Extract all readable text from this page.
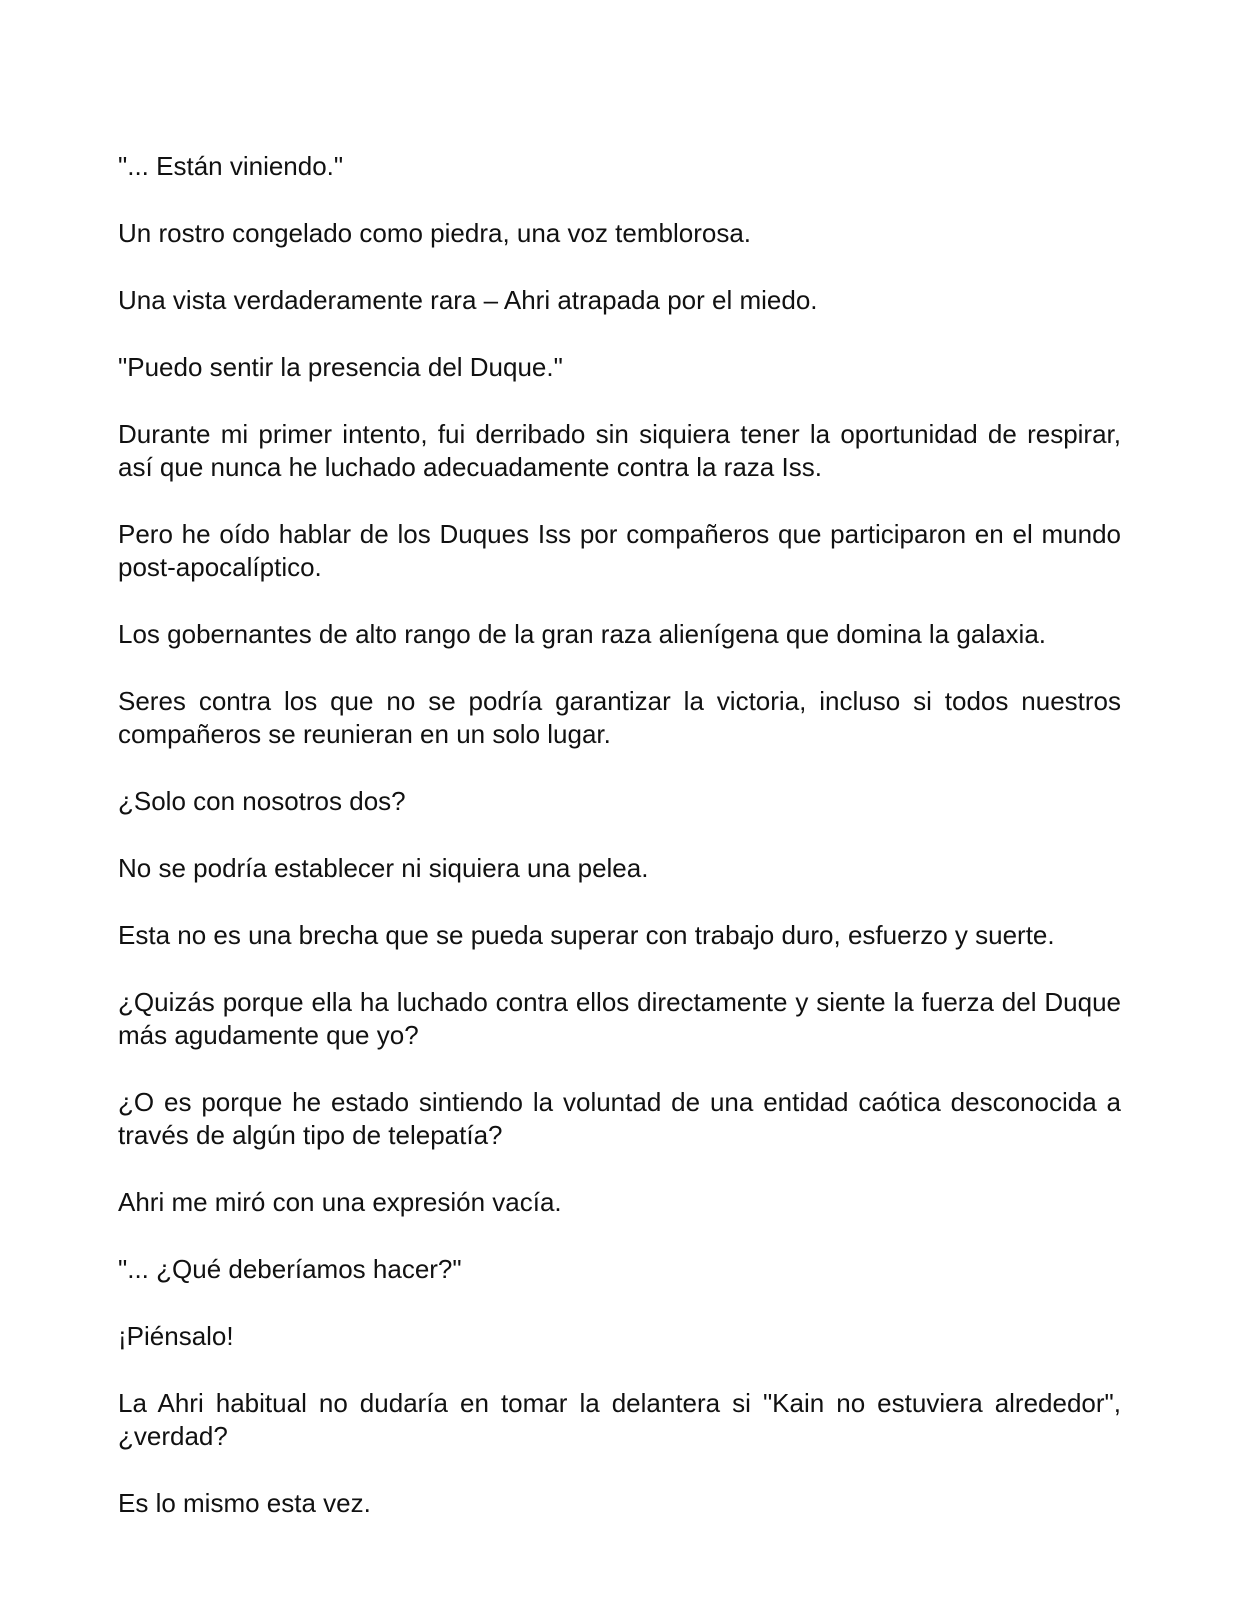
"... Están viniendo."

Un rostro congelado como piedra, una voz temblorosa.

Una vista verdaderamente rara – Ahri atrapada por el miedo.

"Puedo sentir la presencia del Duque."

Durante mi primer intento, fui derribado sin siquiera tener la oportunidad de respirar, así que nunca he luchado adecuadamente contra la raza Iss.

Pero he oído hablar de los Duques Iss por compañeros que participaron en el mundo post-apocalíptico.

Los gobernantes de alto rango de la gran raza alienígena que domina la galaxia.

Seres contra los que no se podría garantizar la victoria, incluso si todos nuestros compañeros se reunieran en un solo lugar.

¿Solo con nosotros dos?

No se podría establecer ni siquiera una pelea.

Esta no es una brecha que se pueda superar con trabajo duro, esfuerzo y suerte.

¿Quizás porque ella ha luchado contra ellos directamente y siente la fuerza del Duque más agudamente que yo?

¿O es porque he estado sintiendo la voluntad de una entidad caótica desconocida a través de algún tipo de telepatía?

Ahri me miró con una expresión vacía.

"... ¿Qué deberíamos hacer?"

¡Piénsalo!

La Ahri habitual no dudaría en tomar la delantera si "Kain no estuviera alrededor", ¿verdad?

Es lo mismo esta vez.
